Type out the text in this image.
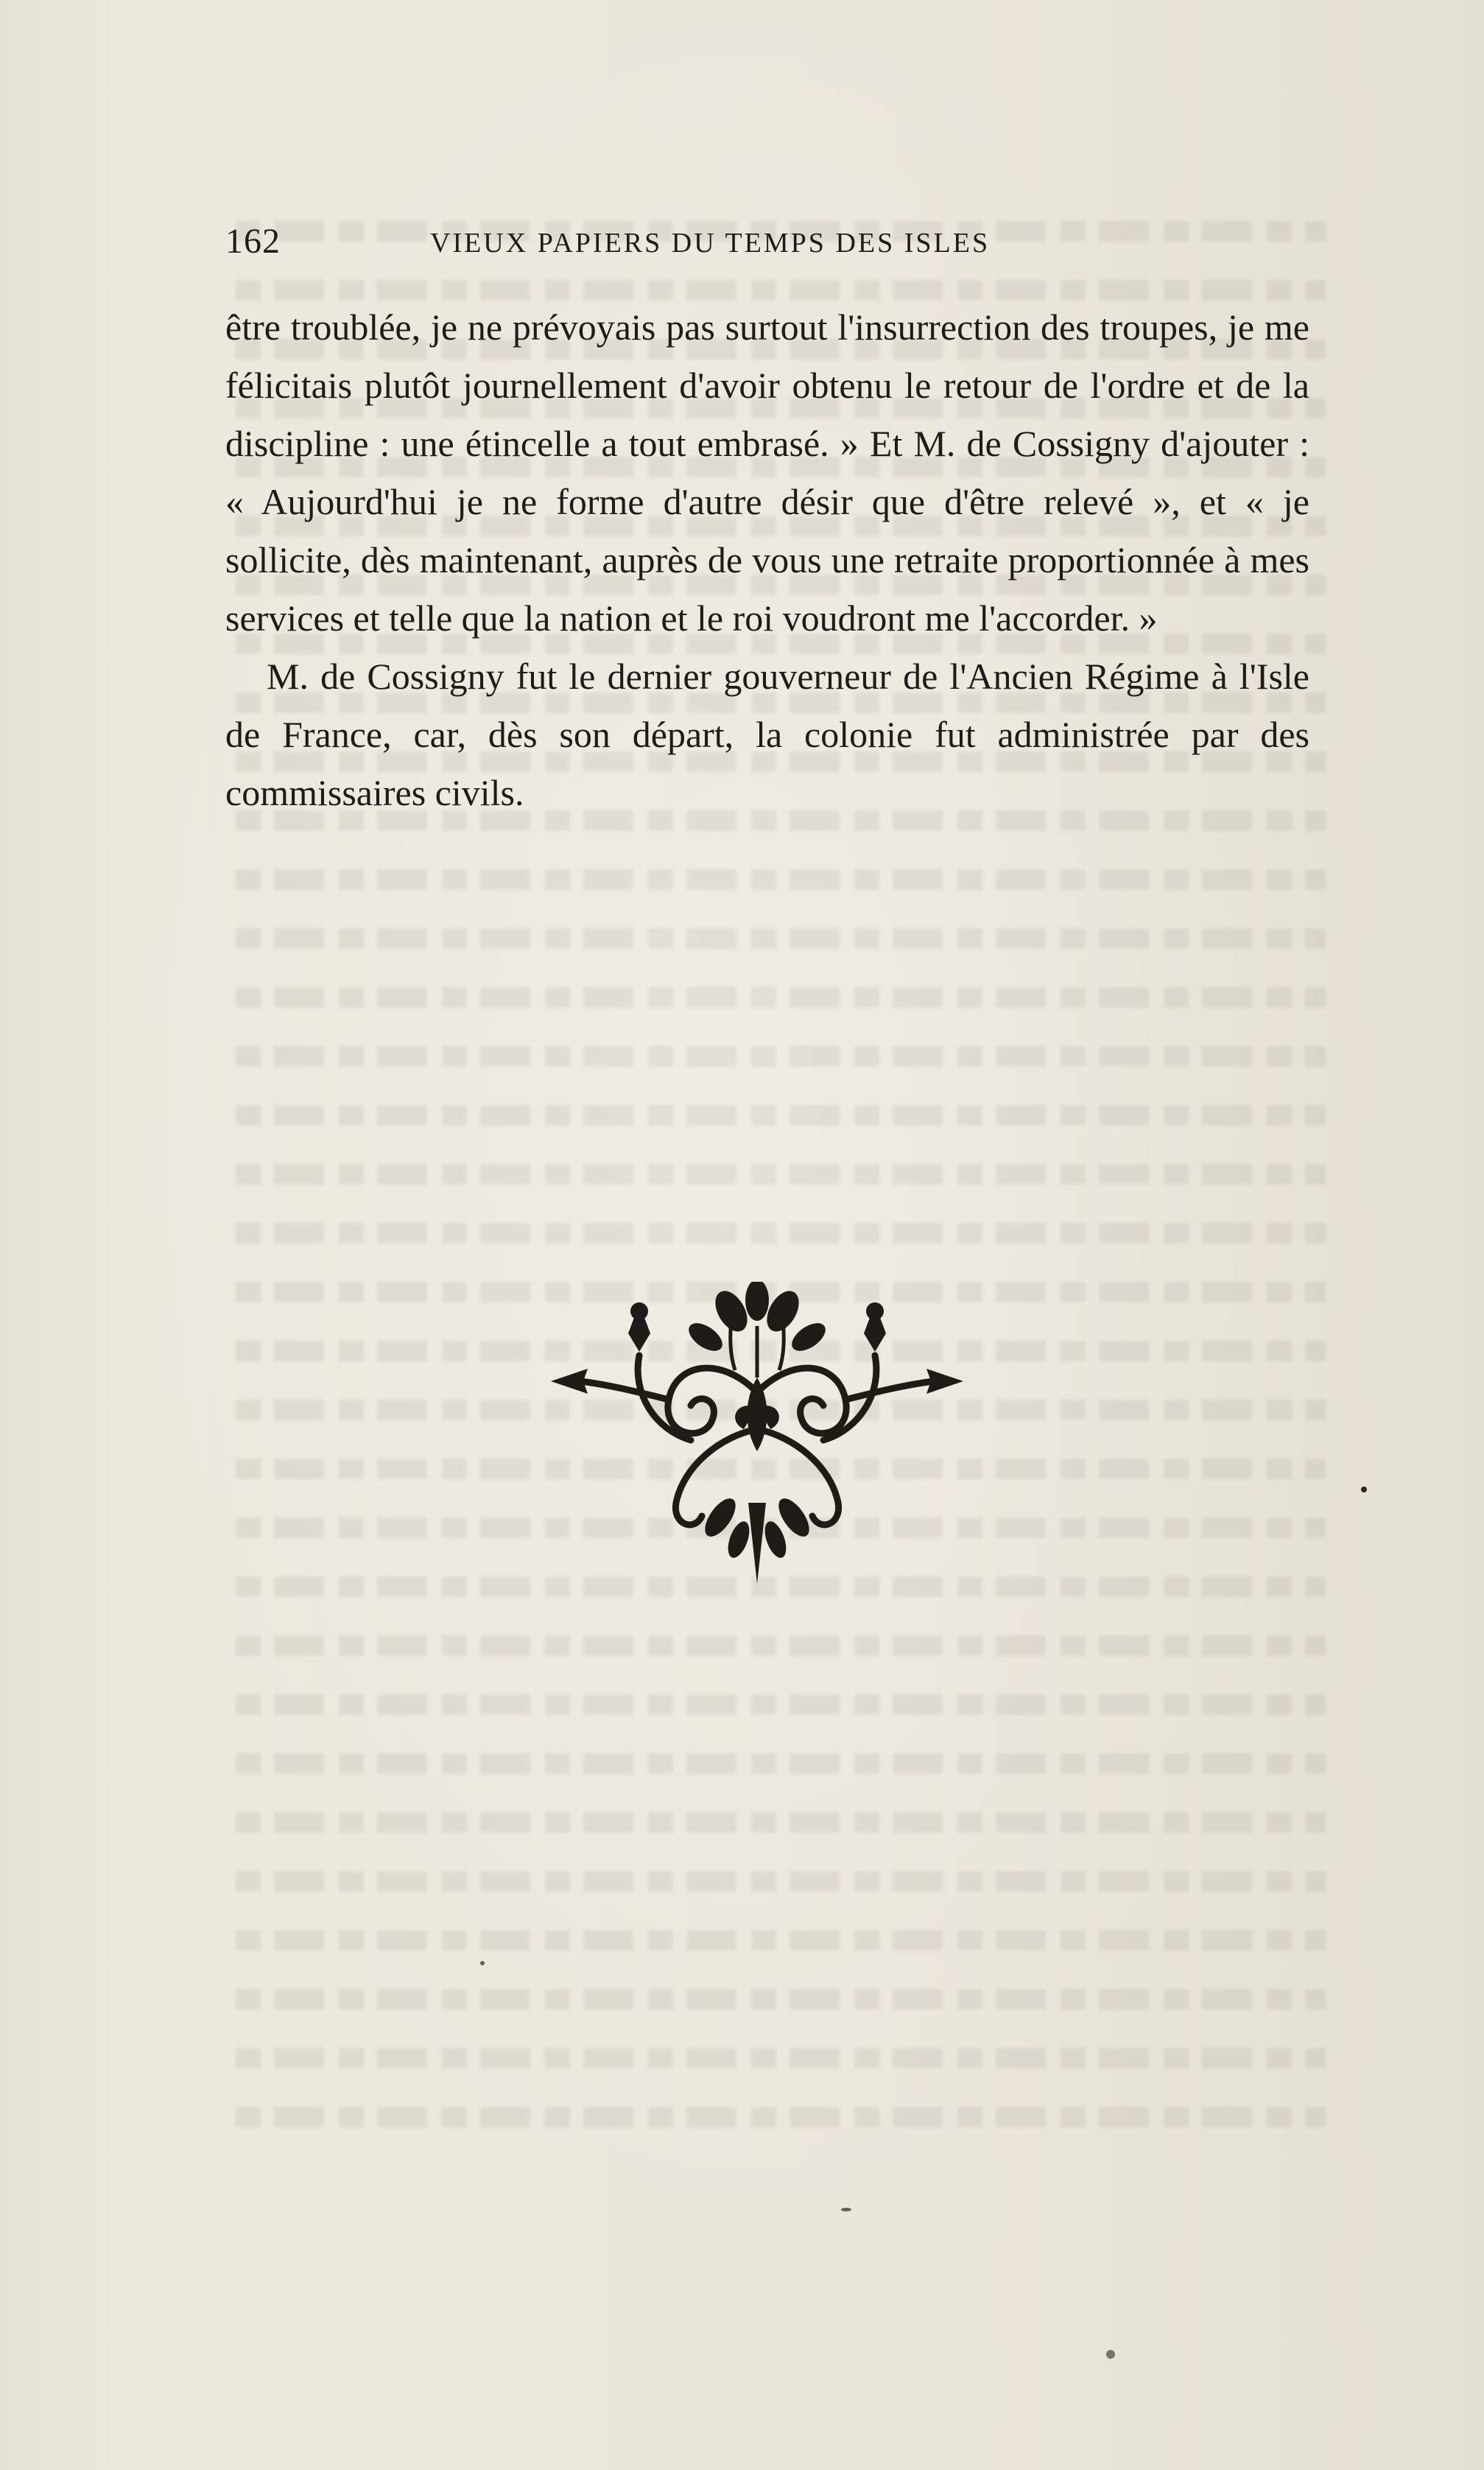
162	VIEUX PAPIERS DU TEMPS DES ISLES

être troublée, je ne prévoyais pas surtout l'insurrection des troupes, je me félicitais plutôt journellement d'avoir obtenu le retour de l'ordre et de la discipline : une étincelle a tout embrasé. » Et M. de Cossigny d'ajouter : « Aujourd'hui je ne forme d'autre désir que d'être relevé », et « je sollicite, dès maintenant, auprès de vous une retraite proportionnée à mes services et telle que la nation et le roi voudront me l'accorder. »

M. de Cossigny fut le dernier gouverneur de l'Ancien Régime à l'Isle de France, car, dès son départ, la colonie fut administrée par des commissaires civils.
